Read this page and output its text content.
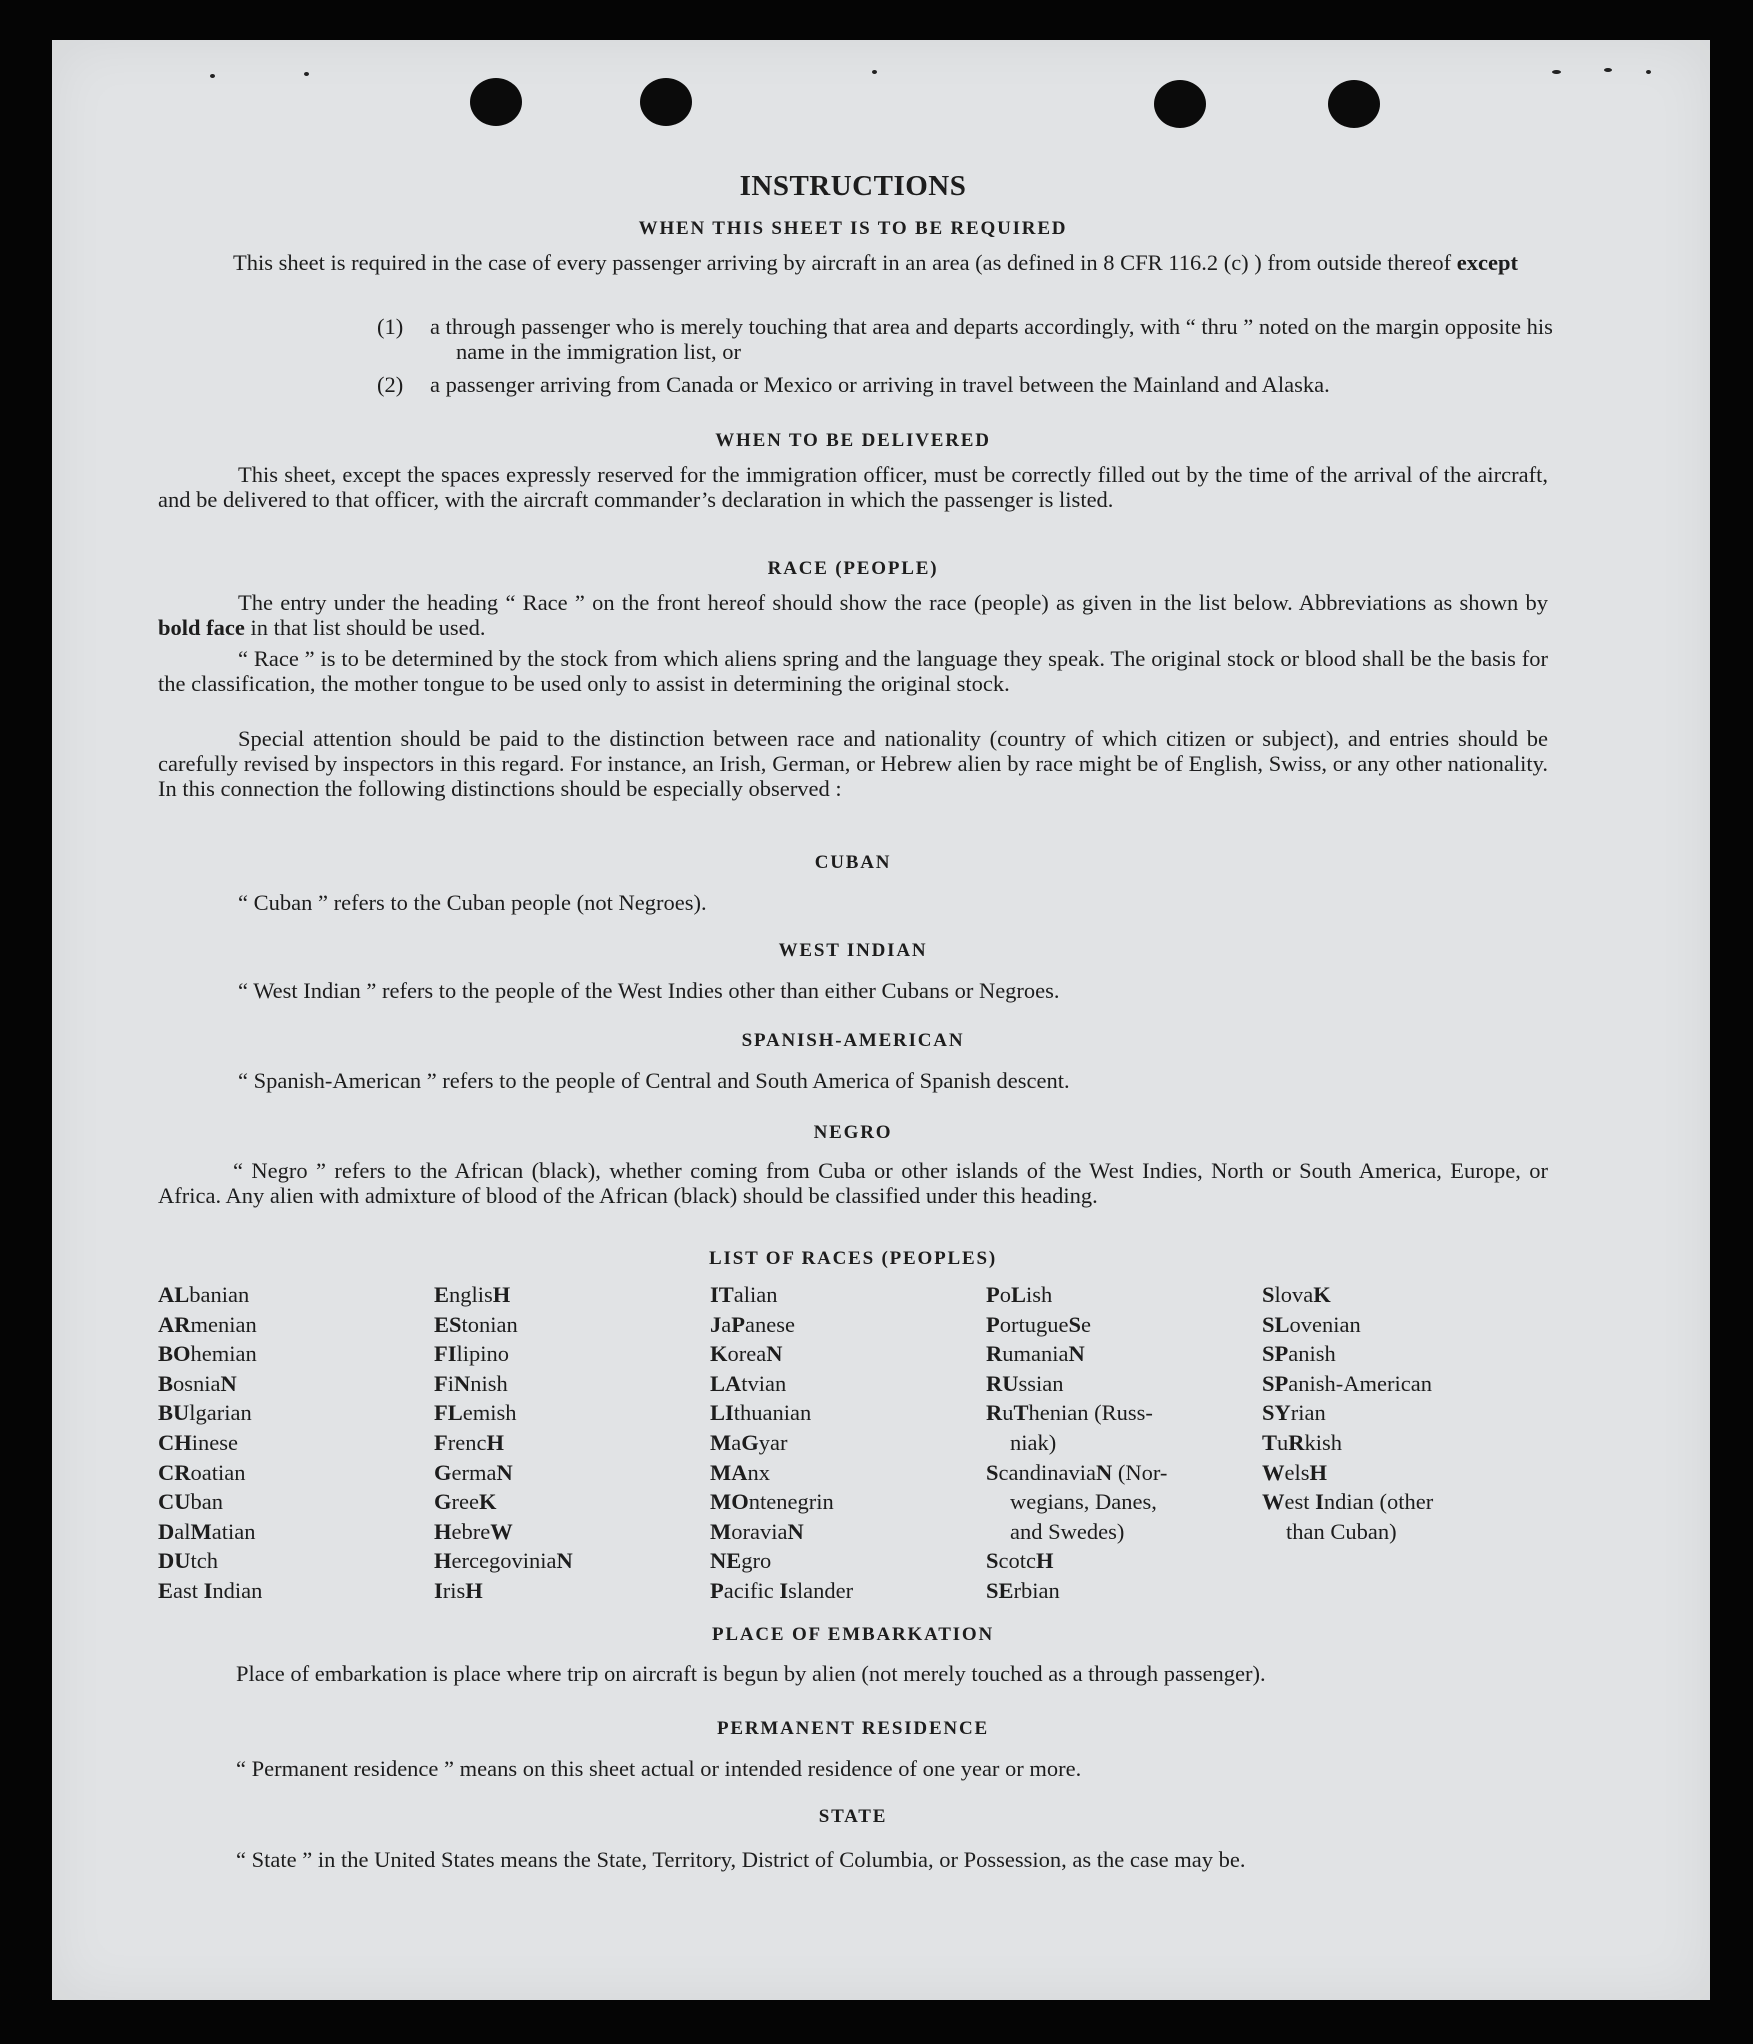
INSTRUCTIONS
WHEN THIS SHEET IS TO BE REQUIRED
This sheet is required in the case of every passenger arriving by aircraft in an area (as defined in 8 CFR 116.2 (c) ) from outside thereof except
(1) a through passenger who is merely touching that area and departs accordingly, with “ thru ” noted on the margin opposite his name in the immigration list, or
(2) a passenger arriving from Canada or Mexico or arriving in travel between the Mainland and Alaska.
WHEN TO BE DELIVERED
This sheet, except the spaces expressly reserved for the immigration officer, must be correctly filled out by the time of the arrival of the aircraft, and be delivered to that officer, with the aircraft commander’s declaration in which the passenger is listed.
RACE (PEOPLE)
The entry under the heading “ Race ” on the front hereof should show the race (people) as given in the list below. Abbreviations as shown by bold face in that list should be used.
“ Race ” is to be determined by the stock from which aliens spring and the language they speak. The original stock or blood shall be the basis for the classification, the mother tongue to be used only to assist in determining the original stock.
Special attention should be paid to the distinction between race and nationality (country of which citizen or subject), and entries should be carefully revised by inspectors in this regard. For instance, an Irish, German, or Hebrew alien by race might be of English, Swiss, or any other nationality. In this connection the following distinctions should be especially observed :
CUBAN
“ Cuban ” refers to the Cuban people (not Negroes).
WEST INDIAN
“ West Indian ” refers to the people of the West Indies other than either Cubans or Negroes.
SPANISH-AMERICAN
“ Spanish-American ” refers to the people of Central and South America of Spanish descent.
NEGRO
“ Negro ” refers to the African (black), whether coming from Cuba or other islands of the West Indies, North or South America, Europe, or Africa. Any alien with admixture of blood of the African (black) should be classified under this heading.
LIST OF RACES (PEOPLES)
ALbanian
ARmenian
BOhemian
BosniaN
BUlgarian
CHinese
CRoatian
CUban
DalMatian
DUtch
East Indian
EnglisH
EStonian
FIlipino
FiNnish
FLemish
FrencH
GermaN
GreeK
HebreW
HercegoviniaN
IrisH
ITalian
JaPanese
KoreaN
LAtvian
LIthuanian
MaGyar
MAnx
MOntenegrin
MoraviaN
NEgro
Pacific Islander
PoLish
PortugueSe
RumaniaN
RUssian
RuThenian (Russ-
niak)
ScandinaviaN (Nor-
wegians, Danes,
and Swedes)
ScotcH
SErbian
SlovaK
SLovenian
SPanish
SPanish-American
SYrian
TuRkish
WelsH
West Indian (other
than Cuban)
PLACE OF EMBARKATION
Place of embarkation is place where trip on aircraft is begun by alien (not merely touched as a through passenger).
PERMANENT RESIDENCE
“ Permanent residence ” means on this sheet actual or intended residence of one year or more.
STATE
“ State ” in the United States means the State, Territory, District of Columbia, or Possession, as the case may be.
